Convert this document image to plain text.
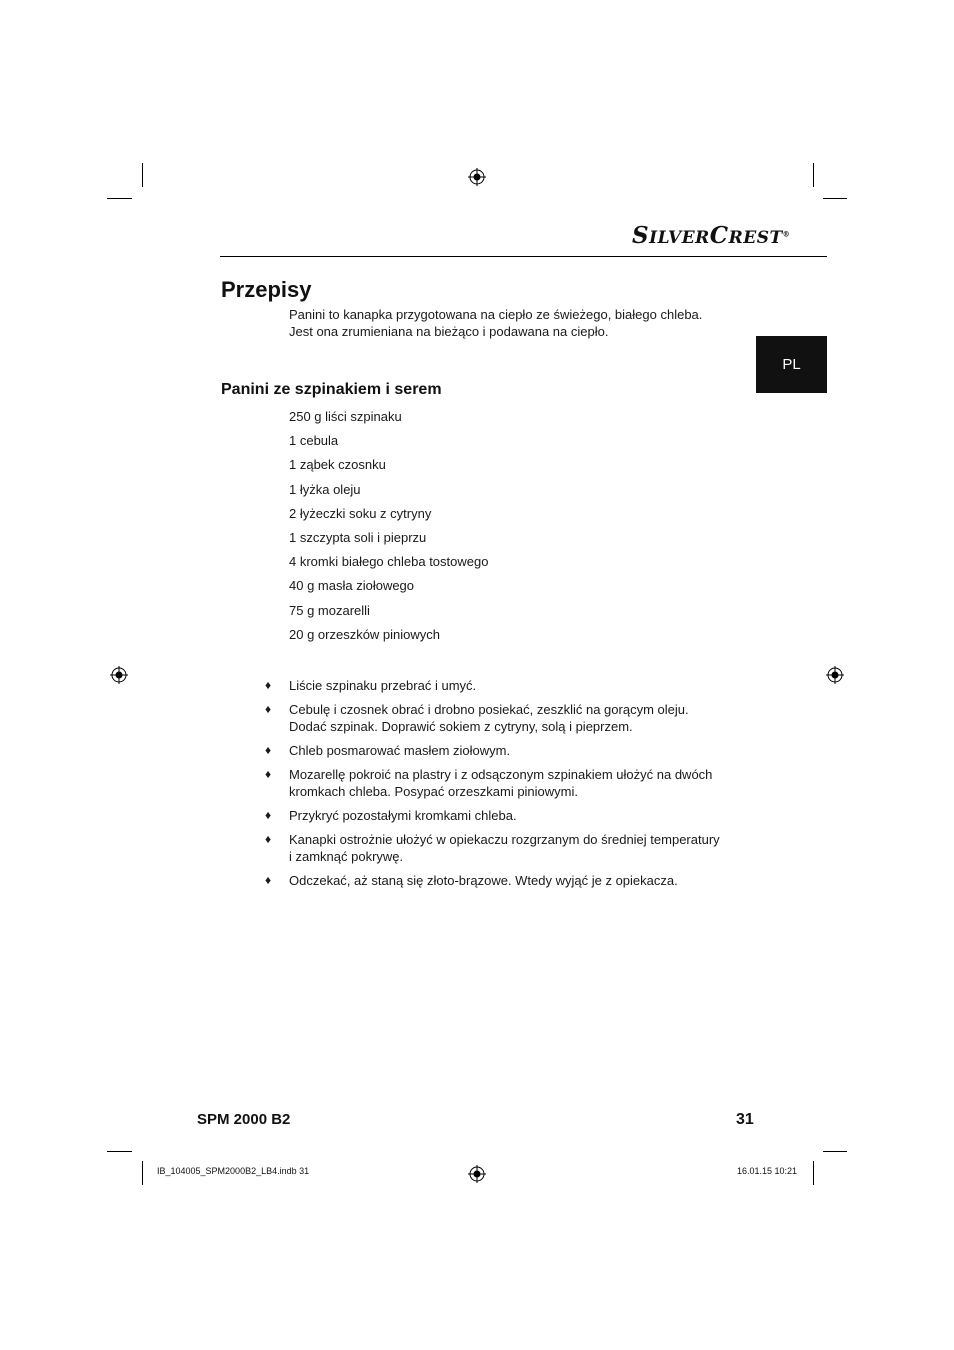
SILVERCREST®
Przepisy

Panini to kanapka przygotowana na ciepło ze świeżego, białego chleba.

Jest ona zrumieniana na bieżąco i podawana na ciepło.

PL
Panini ze szpinakiem i serem
250 g liści szpinaku
1 cebula
1 ząbek czosnku
1 łyżka oleju
2 łyżeczki soku z cytryny
1 szczypta soli i pieprzu
4 kromki białego chleba tostowego
40 g masła ziołowego
75 g mozarelli
20 g orzeszków piniowych
♦ Liście szpinaku przebrać i umyć.
♦ Cebulę i czosnek obrać i drobno posiekać, zeszklić na gorącym oleju. Dodać szpinak. Doprawić sokiem z cytryny, solą i pieprzem.
♦ Chleb posmarować masłem ziołowym.
♦ Mozarellę pokroić na plastry i z odsączonym szpinakiem ułożyć na dwóch kromkach chleba. Posypać orzeszkami piniowymi.
♦ Przykryć pozostałymi kromkami chleba.
♦ Kanapki ostrożnie ułożyć w opiekaczu rozgrzanym do średniej temperatury i zamknąć pokrywę.
♦ Odczekać, aż staną się złoto-brązowe. Wtedy wyjąć je z opiekacza.
SPM 2000 B2	31
IB_104005_SPM2000B2_LB4.indb 31	16.01.15 10:21
